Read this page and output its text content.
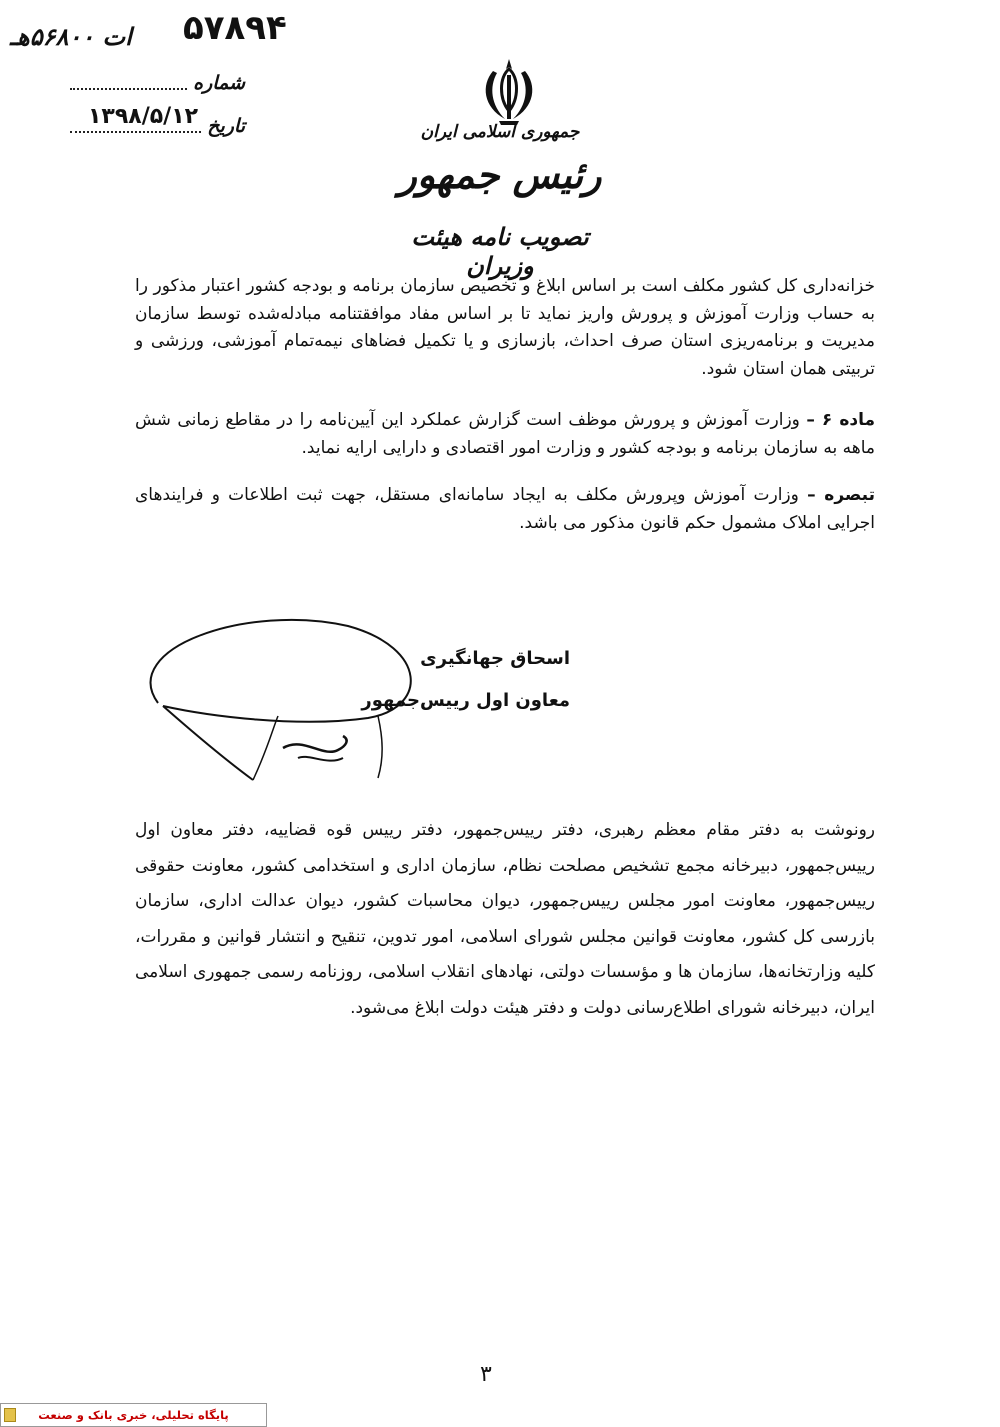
ات ۵۶۸۰۰هـ ۵۷۸۹۴
شماره
تاریخ
۱۳۹۸/۵/۱۲
جمهوری اسلامی ایران
رئیس جمهور
تصویب نامه هیئت وزیران
خزانه‌داری کل کشور مکلف است بر اساس ابلاغ و تخصیص سازمان برنامه و بودجه کشور اعتبار مذکور را به حساب وزارت آموزش و پرورش واریز نماید تا بر اساس مفاد موافقتنامه مبادله‌شده توسط سازمان مدیریت و برنامه‌ریزی استان صرف احداث، بازسازی و یا تکمیل فضاهای نیمه‌تمام آموزشی، ورزشی و تربیتی همان استان شود.
ماده ۶ – وزارت آموزش و پرورش موظف است گزارش عملکرد این آیین‌نامه را در مقاطع زمانی شش ماهه به سازمان برنامه و بودجه کشور و وزارت امور اقتصادی و دارایی ارایه نماید.
تبصره – وزارت آموزش وپرورش مکلف به ایجاد سامانه‌ای مستقل، جهت ثبت اطلاعات و فرایندهای اجرایی املاک مشمول حکم قانون مذکور می باشد.
اسحاق جهانگیری
معاون اول رییس‌جمهور
رونوشت به دفتر مقام معظم رهبری، دفتر رییس‌جمهور، دفتر رییس قوه قضاییه، دفتر معاون اول رییس‌جمهور، دبیرخانه مجمع تشخیص مصلحت نظام، سازمان اداری و استخدامی کشور، معاونت حقوقی رییس‌جمهور، معاونت امور مجلس رییس‌جمهور، دیوان محاسبات کشور، دیوان عدالت اداری، سازمان بازرسی کل کشور، معاونت قوانین مجلس شورای اسلامی، امور تدوین، تنقیح و انتشار قوانین و مقررات، کلیه وزارتخانه‌ها، سازمان ها و مؤسسات دولتی، نهادهای انقلاب اسلامی، روزنامه رسمی جمهوری اسلامی ایران، دبیرخانه شورای اطلاع‌رسانی دولت و دفتر هیئت دولت ابلاغ می‌شود.
۳
پایگاه تحلیلی، خبری بانک و صنعت
